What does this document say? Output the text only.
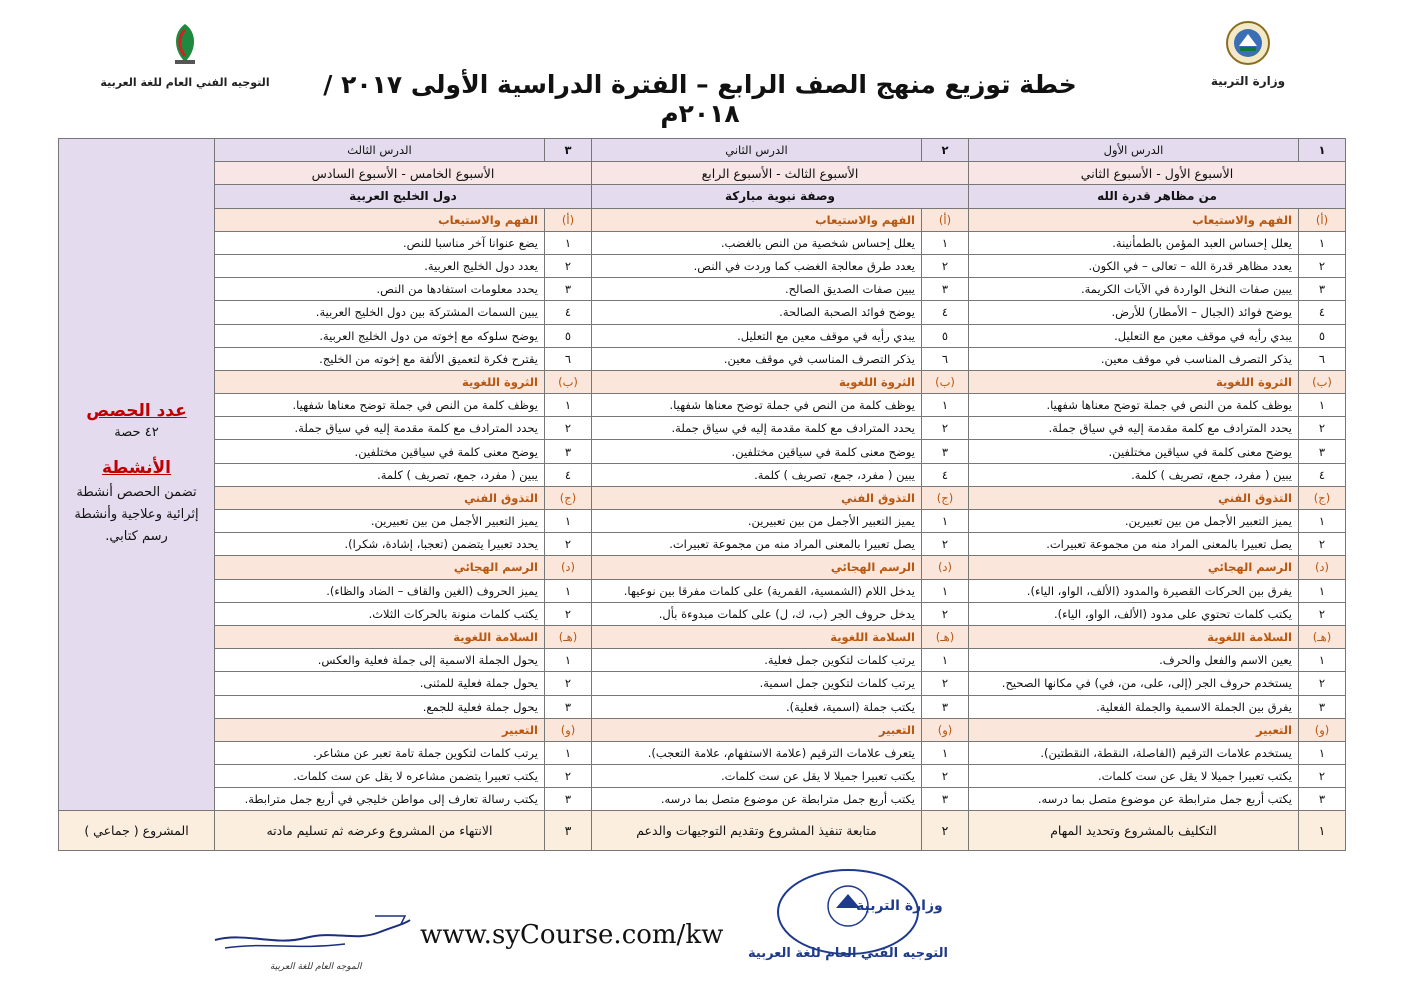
وزارة التربية
التوجيه الفني العام للغة العربية خطة توزيع منهج الصف الرابع – الفترة الدراسية الأولى ٢٠١٧ / ٢٠١٨م
١	الدرس الأول	٢	الدرس الثاني	٣	الدرس الثالث	عدد الحصص
٤٢ حصة
الأنشطة
تضمن الحصص أنشطة إثرائية وعلاجية وأنشطة رسم كتابي.

الأسبوع الأول - الأسبوع الثاني		الأسبوع الثالث - الأسبوع الرابع		الأسبوع الخامس - الأسبوع السادس		
من مظاهر قدرة الله		وصفة نبوية مباركة		دول الخليج العربية		
(أ)	الفهم والاستيعاب	(أ)	الفهم والاستيعاب	(أ)	الفهم والاستيعاب	
١	يعلل إحساس العبد المؤمن بالطمأنينة.	١	يعلل إحساس شخصية من النص بالغضب.	١	يضع عنوانا آخر مناسبا للنص.	
٢	يعدد مظاهر قدرة الله – تعالى – في الكون.	٢	يعدد طرق معالجة الغضب كما وردت في النص.	٢	يعدد دول الخليج العربية.	
٣	يبين صفات النخل الواردة في الآيات الكريمة.	٣	يبين صفات الصديق الصالح.	٣	يحدد معلومات استفادها من النص.	
٤	يوضح فوائد (الجبال – الأمطار) للأرض.	٤	يوضح فوائد الصحبة الصالحة.	٤	يبين السمات المشتركة بين دول الخليج العربية.	
٥	يبدي رأيه في موقف معين مع التعليل.	٥	يبدي رأيه في موقف معين مع التعليل.	٥	يوضح سلوكه مع إخوته من دول الخليج العربية.	
٦	يذكر التصرف المناسب في موقف معين.	٦	يذكر التصرف المناسب في موقف معين.	٦	يقترح فكرة لتعميق الألفة مع إخوته من الخليج.	
(ب)	الثروة اللغوية	(ب)	الثروة اللغوية	(ب)	الثروة اللغوية	
١	يوظف كلمة من النص في جملة توضح معناها شفهيا.	١	يوظف كلمة من النص في جملة توضح معناها شفهيا.	١	يوظف كلمة من النص في جملة توضح معناها شفهيا.	
٢	يحدد المترادف مع كلمة مقدمة إليه في سياق جملة.	٢	يحدد المترادف مع كلمة مقدمة إليه في سياق جملة.	٢	يحدد المترادف مع كلمة مقدمة إليه في سياق جملة.	
٣	يوضح معنى كلمة في سياقين مختلفين.	٣	يوضح معنى كلمة في سياقين مختلفين.	٣	يوضح معنى كلمة في سياقين مختلفين.	
٤	يبين ( مفرد، جمع، تصريف ) كلمة.	٤	يبين ( مفرد، جمع، تصريف ) كلمة.	٤	يبين ( مفرد، جمع، تصريف ) كلمة.	
(ج)	التذوق الفني	(ج)	التذوق الفني	(ج)	التذوق الفني	
١	يميز التعبير الأجمل من بين تعبيرين.	١	يميز التعبير الأجمل من بين تعبيرين.	١	يميز التعبير الأجمل من بين تعبيرين.	
٢	يصل تعبيرا بالمعنى المراد منه من مجموعة تعبيرات.	٢	يصل تعبيرا بالمعنى المراد منه من مجموعة تعبيرات.	٢	يحدد تعبيرا يتضمن (تعجبا، إشادة، شكرا).	
(د)	الرسم الهجائي	(د)	الرسم الهجائي	(د)	الرسم الهجائي	
١	يفرق بين الحركات القصيرة والمدود (الألف، الواو، الياء).	١	يدخل اللام (الشمسية، القمرية) على كلمات مفرقا بين نوعيها.	١	يميز الحروف (الغين والقاف – الضاد والظاء).	
٢	يكتب كلمات تحتوي على مدود (الألف، الواو، الياء).	٢	يدخل حروف الجر (ب، ك، ل) على كلمات مبدوءة بأل.	٢	يكتب كلمات منونة بالحركات الثلاث.	
(هـ)	السلامة اللغوية	(هـ)	السلامة اللغوية	(هـ)	السلامة اللغوية	
١	يعين الاسم والفعل والحرف.	١	يرتب كلمات لتكوين جمل فعلية.	١	يحول الجملة الاسمية إلى جملة فعلية والعكس.	
٢	يستخدم حروف الجر (إلى، على، من، في) في مكانها الصحيح.	٢	يرتب كلمات لتكوين جمل اسمية.	٢	يحول جملة فعلية للمثنى.	
٣	يفرق بين الجملة الاسمية والجملة الفعلية.	٣	يكتب جملة (اسمية، فعلية).	٣	يحول جملة فعلية للجمع.	
(و)	التعبير	(و)	التعبير	(و)	التعبير	
١	يستخدم علامات الترقيم (الفاصلة، النقطة، النقطتين).	١	يتعرف علامات الترقيم (علامة الاستفهام، علامة التعجب).	١	يرتب كلمات لتكوين جملة تامة تعبر عن مشاعر.	
٢	يكتب تعبيرا جميلا لا يقل عن ست كلمات.	٢	يكتب تعبيرا جميلا لا يقل عن ست كلمات.	٢	يكتب تعبيرا يتضمن مشاعره لا يقل عن ست كلمات.	
٣	يكتب أربع جمل مترابطة عن موضوع متصل بما درسه.	٣	يكتب أربع جمل مترابطة عن موضوع متصل بما درسه.	٣	يكتب رسالة تعارف إلى مواطن خليجي في أربع جمل مترابطة.	
١	التكليف بالمشروع وتحديد المهام	٢	متابعة تنفيذ المشروع وتقديم التوجيهات والدعم	٣	الانتهاء من المشروع وعرضه ثم تسليم مادته	المشروع ( جماعي )
الموجه العام للغة العربية
www.syCourse.com/kw
وزارة التربية
التوجيه الفني العام للغة العربية
